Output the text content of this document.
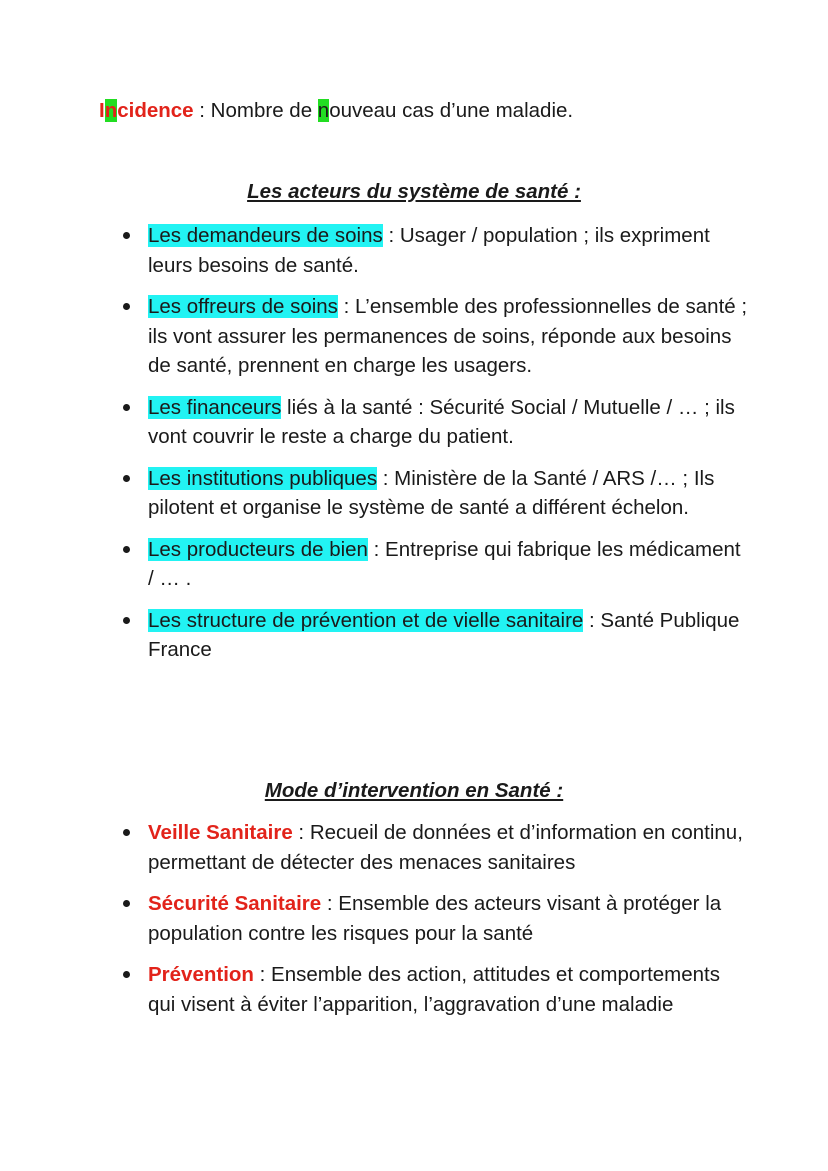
Incidence : Nombre de nouveau cas d’une maladie.
Les acteurs du système de santé :
Les demandeurs de soins : Usager / population ; ils expriment leurs besoins de santé.
Les offreurs de soins : L’ensemble des professionnelles de santé ; ils vont assurer les permanences de soins, réponde aux besoins de santé, prennent en charge les usagers.
Les financeurs liés à la santé : Sécurité Social / Mutuelle / … ; ils vont couvrir le reste a charge du patient.
Les institutions publiques : Ministère de la Santé / ARS /… ; Ils pilotent et organise le système de santé a différent échelon.
Les producteurs de bien : Entreprise qui fabrique les médicament / … .
Les structure de prévention et de vielle sanitaire : Santé Publique France
Mode d’intervention en Santé :
Veille Sanitaire : Recueil de données et d’information en continu, permettant de détecter des menaces sanitaires
Sécurité Sanitaire : Ensemble des acteurs visant à protéger la population contre les risques pour la santé
Prévention : Ensemble des action, attitudes et comportements qui visent à éviter l’apparition, l’aggravation d’une maladie
